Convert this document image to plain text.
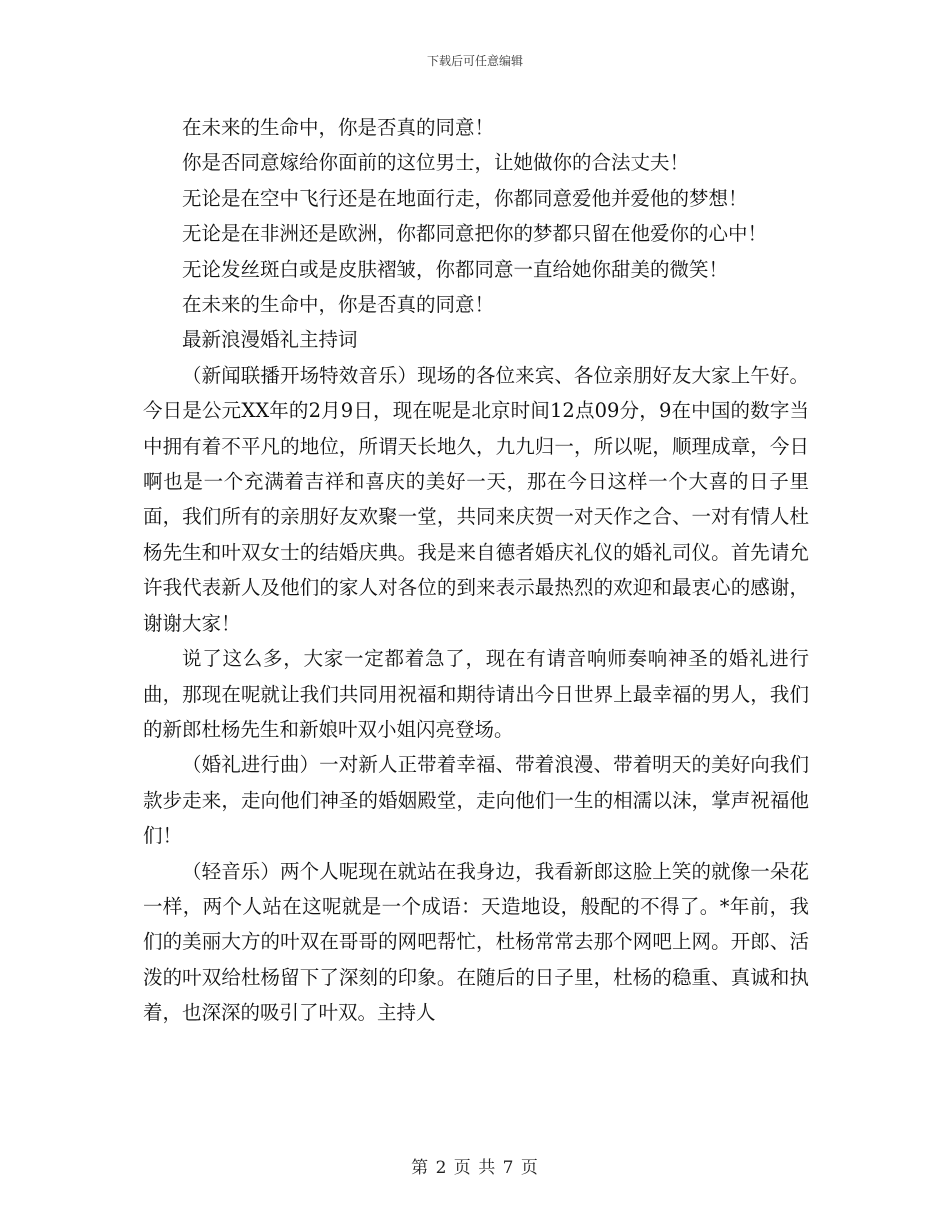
下载后可任意编辑

在未来的生命中，你是否真的同意！

你是否同意嫁给你面前的这位男士，让她做你的合法丈夫！

无论是在空中飞行还是在地面行走，你都同意爱他并爱他的梦想！

无论是在非洲还是欧洲，你都同意把你的梦都只留在他爱你的心中！

无论发丝斑白或是皮肤褶皱，你都同意一直给她你甜美的微笑！

在未来的生命中，你是否真的同意！

最新浪漫婚礼主持词

（新闻联播开场特效音乐）现场的各位来宾、各位亲朋好友大家上午好。今日是公元XX年的2月9日，现在呢是北京时间12点09分，9在中国的数字当中拥有着不平凡的地位，所谓天长地久，九九归一，所以呢，顺理成章，今日啊也是一个充满着吉祥和喜庆的美好一天，那在今日这样一个大喜的日子里面，我们所有的亲朋好友欢聚一堂，共同来庆贺一对天作之合、一对有情人杜杨先生和叶双女士的结婚庆典。我是来自德者婚庆礼仪的婚礼司仪。首先请允许我代表新人及他们的家人对各位的到来表示最热烈的欢迎和最衷心的感谢，谢谢大家！

说了这么多，大家一定都着急了，现在有请音响师奏响神圣的婚礼进行曲，那现在呢就让我们共同用祝福和期待请出今日世界上最幸福的男人，我们的新郎杜杨先生和新娘叶双小姐闪亮登场。

（婚礼进行曲）一对新人正带着幸福、带着浪漫、带着明天的美好向我们款步走来，走向他们神圣的婚姻殿堂，走向他们一生的相濡以沫，掌声祝福他们！

（轻音乐）两个人呢现在就站在我身边，我看新郎这脸上笑的就像一朵花一样，两个人站在这呢就是一个成语：天造地设，般配的不得了。*年前，我们的美丽大方的叶双在哥哥的网吧帮忙，杜杨常常去那个网吧上网。开郎、活泼的叶双给杜杨留下了深刻的印象。在随后的日子里，杜杨的稳重、真诚和执着，也深深的吸引了叶双。主持人

第 2 页 共 7 页
